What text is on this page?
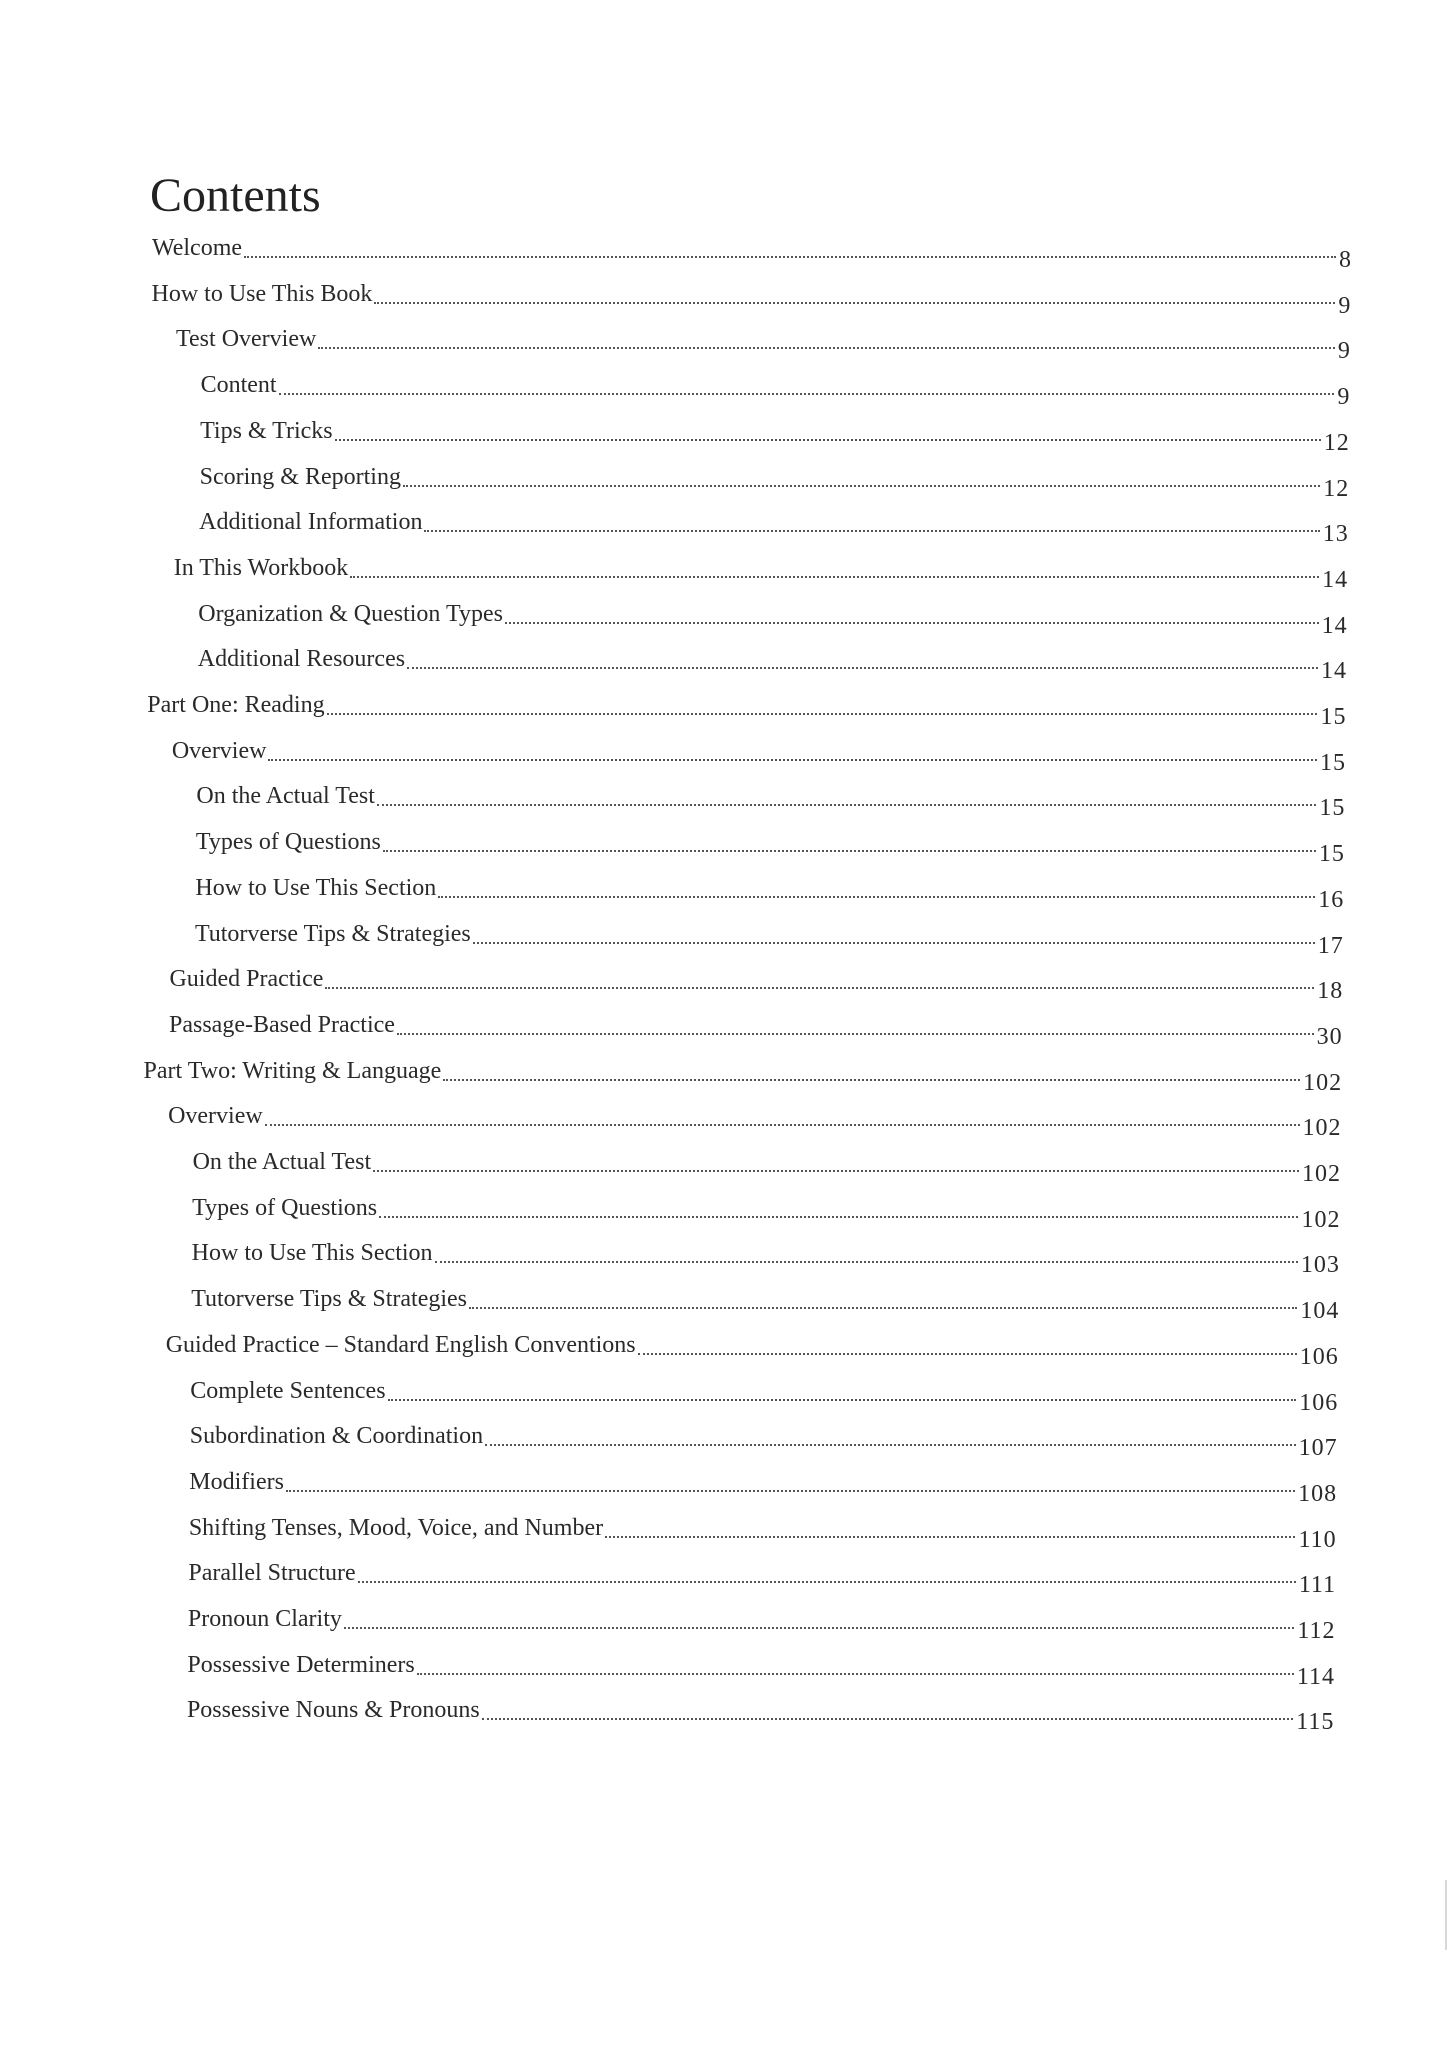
Contents
Welcome	8
How to Use This Book	9
Test Overview	9
Content	9
Tips & Tricks	12
Scoring & Reporting	12
Additional Information	13
In This Workbook	14
Organization & Question Types	14
Additional Resources	14
Part One: Reading	15
Overview	15
On the Actual Test	15
Types of Questions	15
How to Use This Section	16
Tutorverse Tips & Strategies	17
Guided Practice	18
Passage-Based Practice	30
Part Two: Writing & Language	102
Overview	102
On the Actual Test	102
Types of Questions	102
How to Use This Section	103
Tutorverse Tips & Strategies	104
Guided Practice – Standard English Conventions	106
Complete Sentences	106
Subordination & Coordination	107
Modifiers	108
Shifting Tenses, Mood, Voice, and Number	110
Parallel Structure	111
Pronoun Clarity	112
Possessive Determiners	114
Possessive Nouns & Pronouns	115
